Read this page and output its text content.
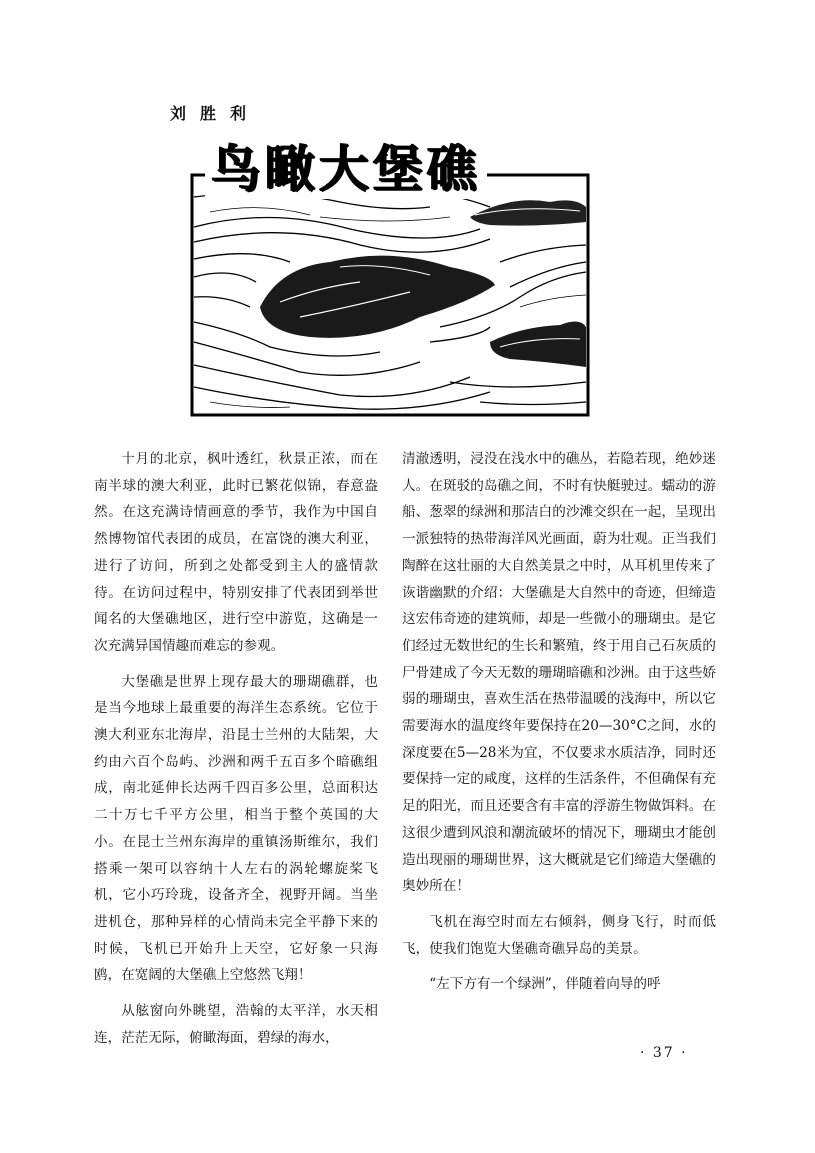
刘胜利
鸟瞰大堡礁

十月的北京，枫叶透红，秋景正浓，而在南半球的澳大利亚，此时已繁花似锦，春意盎然。在这充满诗情画意的季节，我作为中国自然博物馆代表团的成员，在富饶的澳大利亚，进行了访问，所到之处都受到主人的盛情款待。在访问过程中，特别安排了代表团到举世闻名的大堡礁地区，进行空中游览，这确是一次充满异国情趣而难忘的参观。

大堡礁是世界上现存最大的珊瑚礁群，也是当今地球上最重要的海洋生态系统。它位于澳大利亚东北海岸，沿昆士兰州的大陆架，大约由六百个岛屿、沙洲和两千五百多个暗礁组成，南北延伸长达两千四百多公里，总面积达二十万七千平方公里，相当于整个英国的大小。在昆士兰州东海岸的重镇汤斯维尔，我们搭乘一架可以容纳十人左右的涡轮螺旋桨飞机，它小巧玲珑，设备齐全，视野开阔。当坐进机仓，那种异样的心情尚未完全平静下来的时候，飞机已开始升上天空，它好象一只海鸥，在宽阔的大堡礁上空悠然飞翔！

从舷窗向外眺望，浩翰的太平洋，水天相连，茫茫无际，俯瞰海面，碧绿的海水，

清澈透明，浸没在浅水中的礁丛，若隐若现，绝妙迷人。在斑驳的岛礁之间，不时有快艇驶过。蠕动的游船、葱翠的绿洲和那洁白的沙滩交织在一起，呈现出一派独特的热带海洋风光画面，蔚为壮观。正当我们陶醉在这壮丽的大自然美景之中时，从耳机里传来了诙谐幽默的介绍：大堡礁是大自然中的奇迹，但缔造这宏伟奇迹的建筑师，却是一些微小的珊瑚虫。是它们经过无数世纪的生长和繁殖，终于用自己石灰质的尸骨建成了今天无数的珊瑚暗礁和沙洲。由于这些娇弱的珊瑚虫，喜欢生活在热带温暖的浅海中，所以它需要海水的温度终年要保持在20—30°C之间，水的深度要在5—28米为宜，不仅要求水质洁净，同时还要保持一定的咸度，这样的生活条件，不但确保有充足的阳光，而且还要含有丰富的浮游生物做饵料。在这很少遭到风浪和潮流破坏的情况下，珊瑚虫才能创造出现丽的珊瑚世界，这大概就是它们缔造大堡礁的奥妙所在！

飞机在海空时而左右倾斜，侧身飞行，时而低飞，使我们饱览大堡礁奇礁异岛的美景。

“左下方有一个绿洲”，伴随着向导的呼

· 37 ·
